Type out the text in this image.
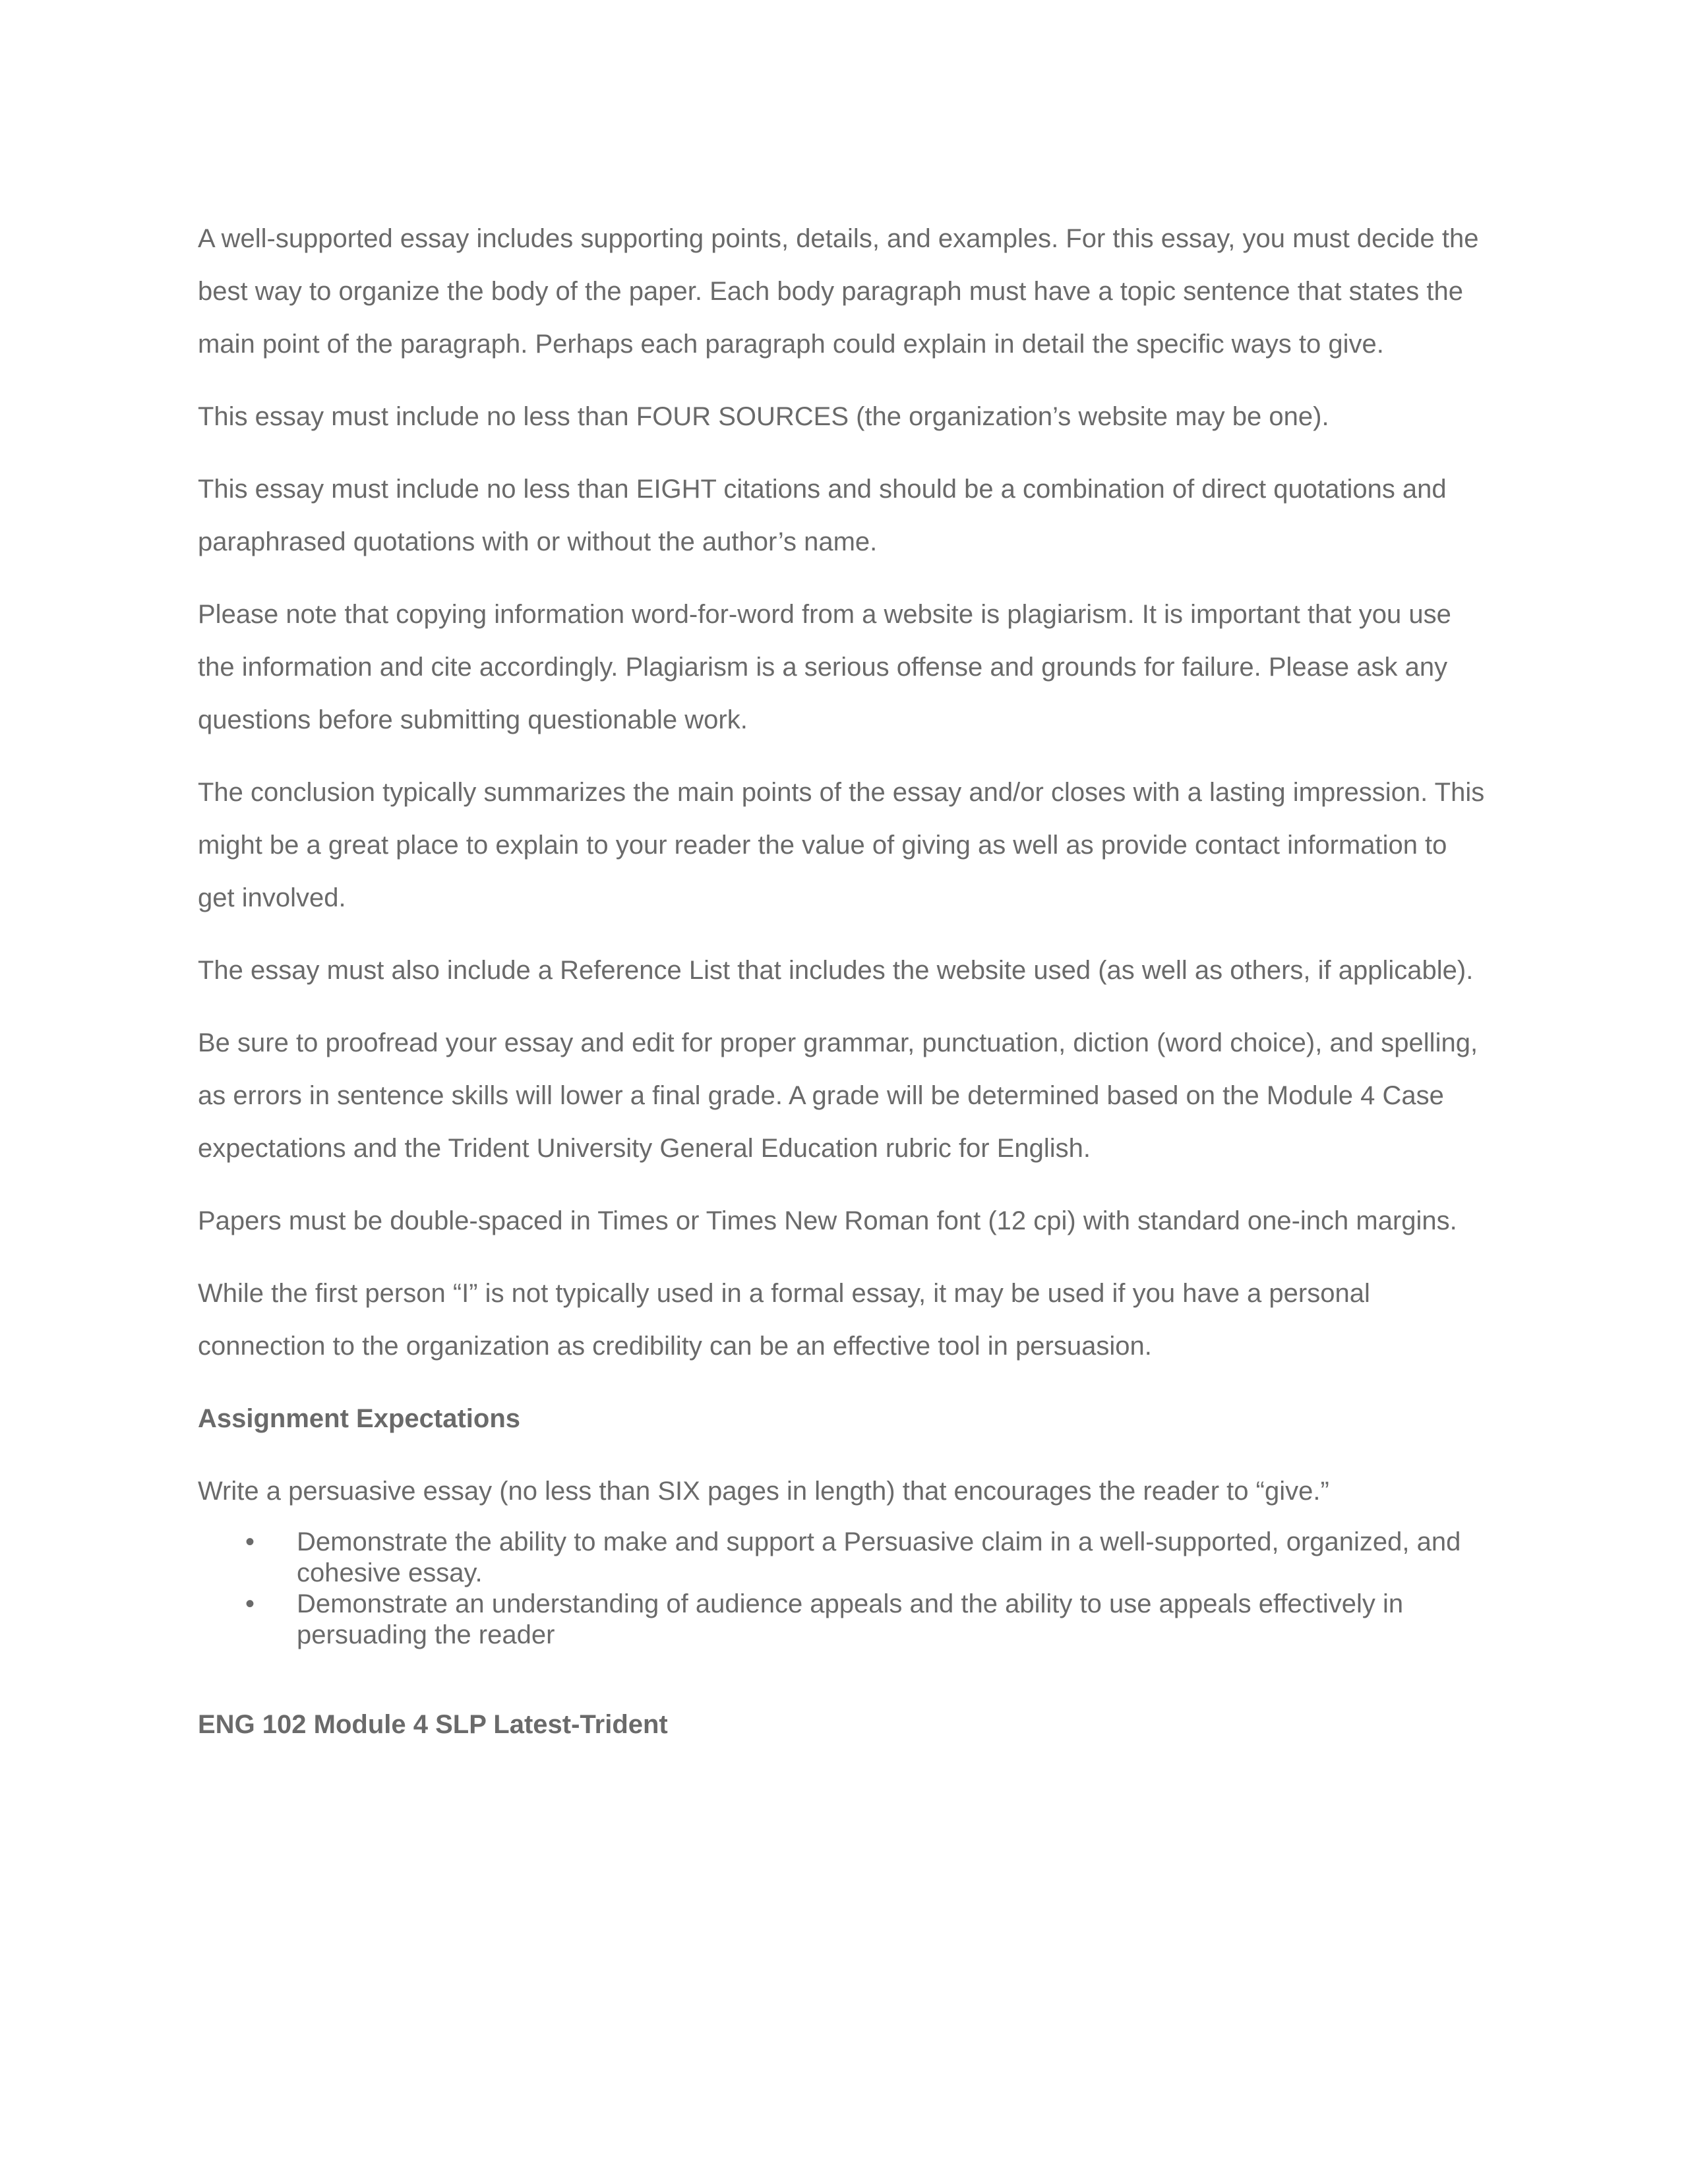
A well-supported essay includes supporting points, details, and examples. For this essay, you must decide the best way to organize the body of the paper. Each body paragraph must have a topic sentence that states the main point of the paragraph. Perhaps each paragraph could explain in detail the specific ways to give.

This essay must include no less than FOUR SOURCES (the organization’s website may be one).

This essay must include no less than EIGHT citations and should be a combination of direct quotations and paraphrased quotations with or without the author’s name.

Please note that copying information word-for-word from a website is plagiarism. It is important that you use the information and cite accordingly. Plagiarism is a serious offense and grounds for failure. Please ask any questions before submitting questionable work.

The conclusion typically summarizes the main points of the essay and/or closes with a lasting impression. This might be a great place to explain to your reader the value of giving as well as provide contact information to get involved.

The essay must also include a Reference List that includes the website used (as well as others, if applicable).

Be sure to proofread your essay and edit for proper grammar, punctuation, diction (word choice), and spelling, as errors in sentence skills will lower a final grade. A grade will be determined based on the Module 4 Case expectations and the Trident University General Education rubric for English.

Papers must be double-spaced in Times or Times New Roman font (12 cpi) with standard one-inch margins.

While the first person “I” is not typically used in a formal essay, it may be used if you have a personal connection to the organization as credibility can be an effective tool in persuasion.

Assignment Expectations

Write a persuasive essay (no less than SIX pages in length) that encourages the reader to “give.”

•	Demonstrate the ability to make and support a Persuasive claim in a well-supported, organized, and cohesive essay.
•	Demonstrate an understanding of audience appeals and the ability to use appeals effectively in persuading the reader

ENG 102 Module 4 SLP Latest-Trident
